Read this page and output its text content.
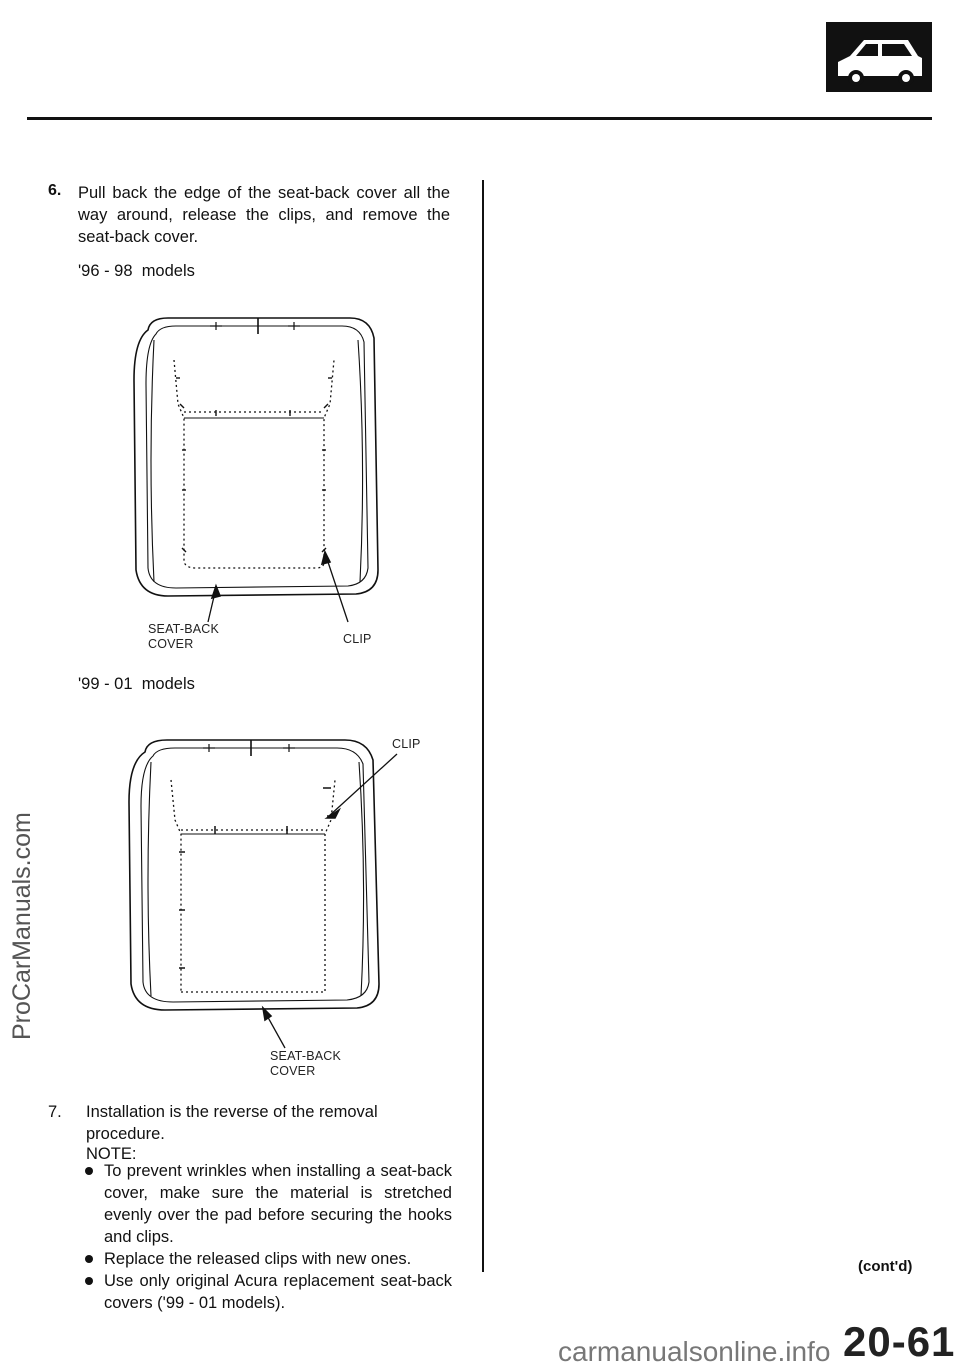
ProCarManuals.com
6. Pull back the edge of the seat-back cover all the way around, release the clips, and remove the seat-back cover.
'96 - 98  models
SEAT-BACK
COVER	CLIP
'99 - 01  models
CLIP
SEAT-BACK
COVER
7. Installation is the reverse of the removal procedure.
NOTE:
To prevent wrinkles when installing a seat-back cover, make sure the material is stretched evenly over the pad before securing the hooks and clips.
Replace the released clips with new ones.
Use only original Acura replacement seat-back covers ('99 - 01 models).
(cont'd)
20-61
carmanualsonline.info
